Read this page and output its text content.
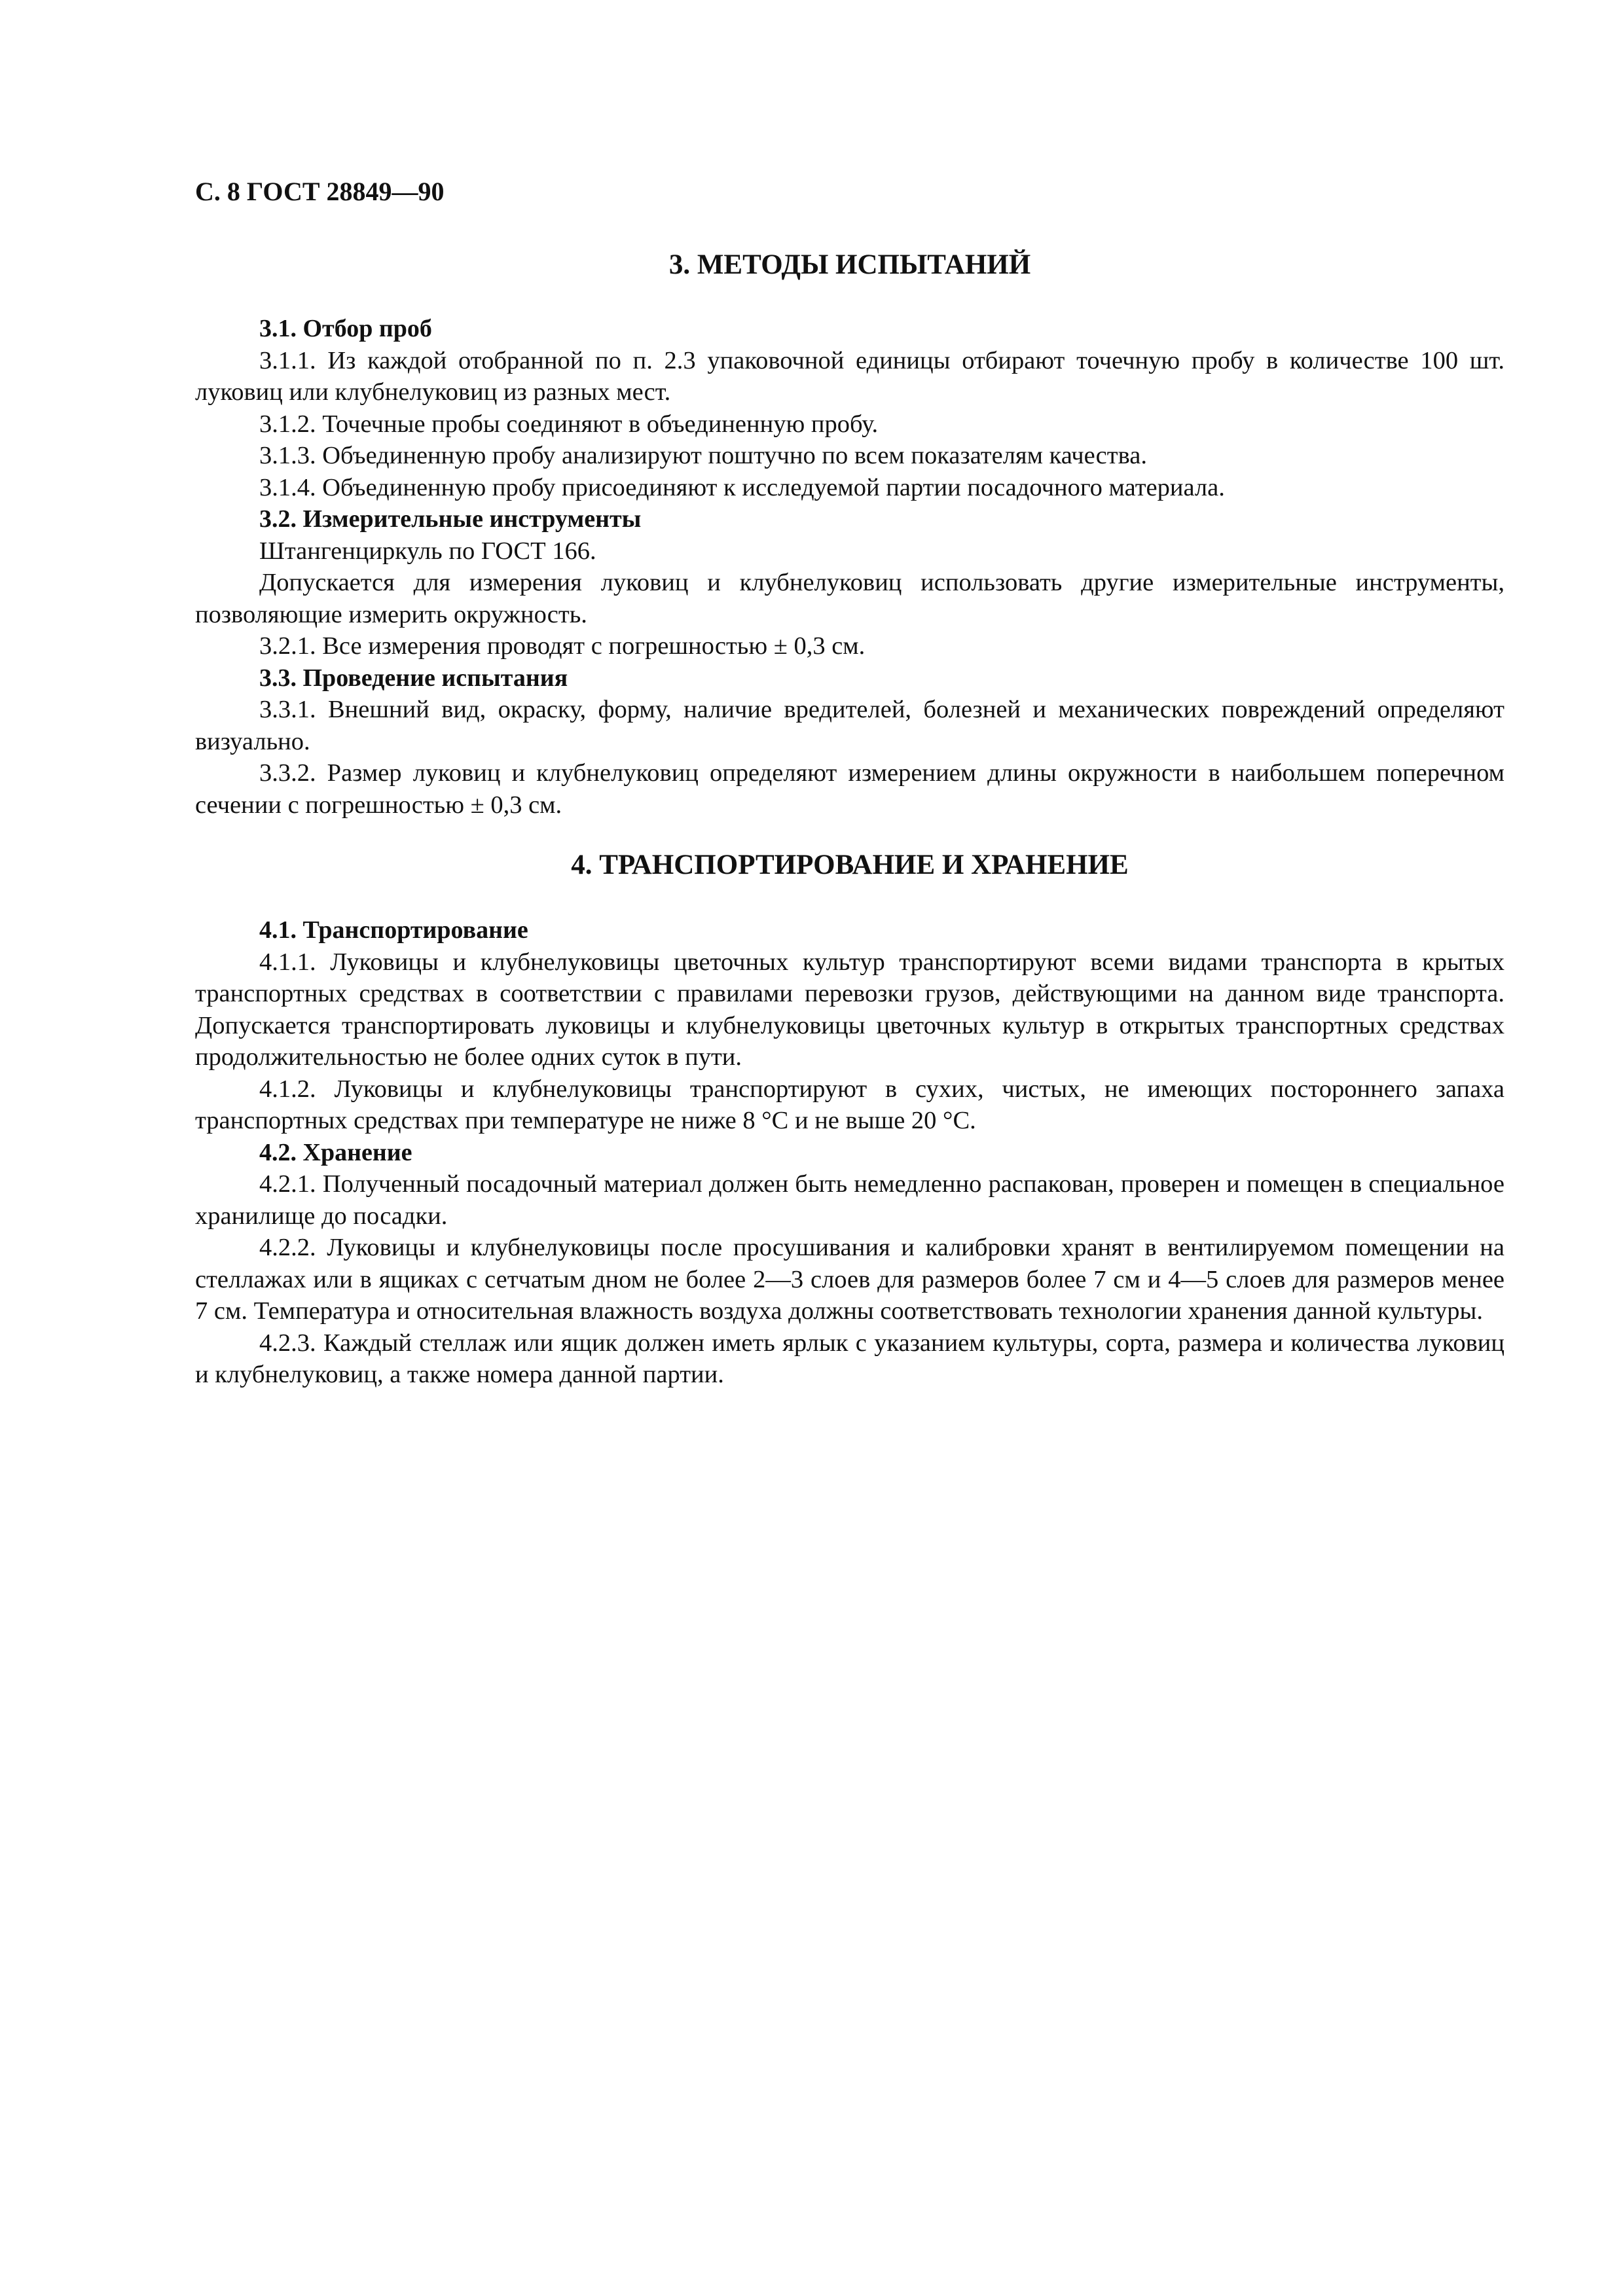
С. 8 ГОСТ 28849—90
3. МЕТОДЫ ИСПЫТАНИЙ

3.1. Отбор проб

3.1.1. Из каждой отобранной по п. 2.3 упаковочной единицы отбирают точечную пробу в количестве 100 шт. луковиц или клубнелуковиц из разных мест.

3.1.2. Точечные пробы соединяют в объединенную пробу.

3.1.3. Объединенную пробу анализируют поштучно по всем показателям качества.

3.1.4. Объединенную пробу присоединяют к исследуемой партии посадочного материала.

3.2. Измерительные инструменты

Штангенциркуль по ГОСТ 166.

Допускается для измерения луковиц и клубнелуковиц использовать другие измерительные инструменты, позволяющие измерить окружность.

3.2.1. Все измерения проводят с погрешностью ± 0,3 см.

3.3. Проведение испытания

3.3.1. Внешний вид, окраску, форму, наличие вредителей, болезней и механических повреждений определяют визуально.

3.3.2. Размер луковиц и клубнелуковиц определяют измерением длины окружности в наибольшем поперечном сечении с погрешностью ± 0,3 см.

4. ТРАНСПОРТИРОВАНИЕ И ХРАНЕНИЕ

4.1. Транспортирование

4.1.1. Луковицы и клубнелуковицы цветочных культур транспортируют всеми видами транспорта в крытых транспортных средствах в соответствии с правилами перевозки грузов, действующими на данном виде транспорта. Допускается транспортировать луковицы и клубнелуковицы цветочных культур в открытых транспортных средствах продолжительностью не более одних суток в пути.

4.1.2. Луковицы и клубнелуковицы транспортируют в сухих, чистых, не имеющих постороннего запаха транспортных средствах при температуре не ниже 8 °С и не выше 20 °С.

4.2. Хранение

4.2.1. Полученный посадочный материал должен быть немедленно распакован, проверен и помещен в специальное хранилище до посадки.

4.2.2. Луковицы и клубнелуковицы после просушивания и калибровки хранят в вентилируемом помещении на стеллажах или в ящиках с сетчатым дном не более 2—3 слоев для размеров более 7 см и 4—5 слоев для размеров менее 7 см. Температура и относительная влажность воздуха должны соответствовать технологии хранения данной культуры.

4.2.3. Каждый стеллаж или ящик должен иметь ярлык с указанием культуры, сорта, размера и количества луковиц и клубнелуковиц, а также номера данной партии.
